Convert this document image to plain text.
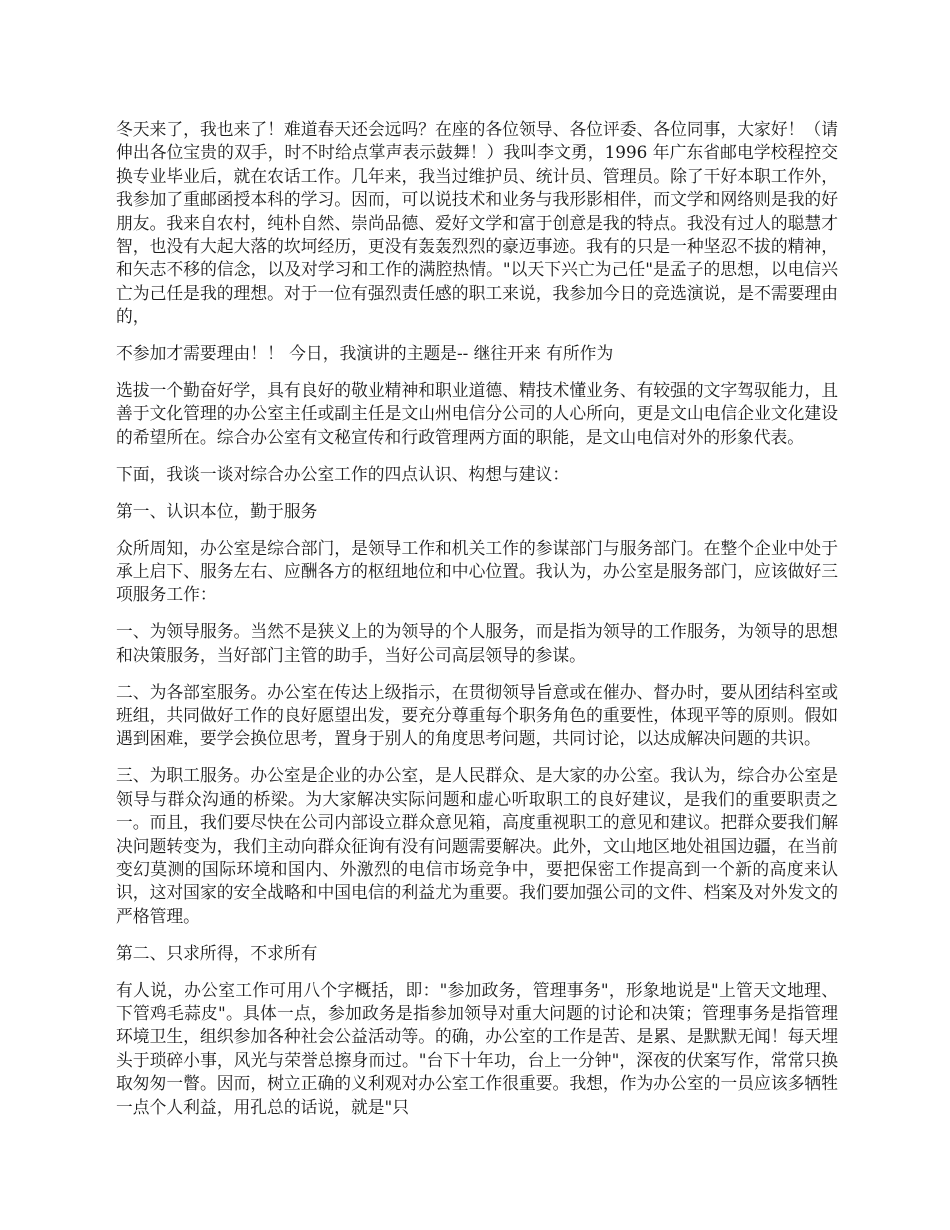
冬天来了，我也来了！难道春天还会远吗？在座的各位领导、各位评委、各位同事，大家好！（请伸出各位宝贵的双手，时不时给点掌声表示鼓舞！）我叫李文勇，1996 年广东省邮电学校程控交换专业毕业后，就在农话工作。几年来，我当过维护员、统计员、管理员。除了干好本职工作外，我参加了重邮函授本科的学习。因而，可以说技术和业务与我形影相伴，而文学和网络则是我的好朋友。我来自农村，纯朴自然、崇尚品德、爱好文学和富于创意是我的特点。我没有过人的聪慧才智，也没有大起大落的坎坷经历，更没有轰轰烈烈的豪迈事迹。我有的只是一种坚忍不拔的精神，和矢志不移的信念，以及对学习和工作的满腔热情。"以天下兴亡为己任"是孟子的思想，以电信兴亡为己任是我的理想。对于一位有强烈责任感的职工来说，我参加今日的竞选演说，是不需要理由的，

不参加才需要理由！！ 今日，我演讲的主题是-- 继往开来 有所作为

选拔一个勤奋好学，具有良好的敬业精神和职业道德、精技术懂业务、有较强的文字驾驭能力，且善于文化管理的办公室主任或副主任是文山州电信分公司的人心所向，更是文山电信企业文化建设的希望所在。综合办公室有文秘宣传和行政管理两方面的职能，是文山电信对外的形象代表。

下面，我谈一谈对综合办公室工作的四点认识、构想与建议：

第一、认识本位，勤于服务

众所周知，办公室是综合部门，是领导工作和机关工作的参谋部门与服务部门。在整个企业中处于承上启下、服务左右、应酬各方的枢纽地位和中心位置。我认为，办公室是服务部门，应该做好三项服务工作：

一、为领导服务。当然不是狭义上的为领导的个人服务，而是指为领导的工作服务，为领导的思想和决策服务，当好部门主管的助手，当好公司高层领导的参谋。

二、为各部室服务。办公室在传达上级指示，在贯彻领导旨意或在催办、督办时，要从团结科室或班组，共同做好工作的良好愿望出发，要充分尊重每个职务角色的重要性，体现平等的原则。假如遇到困难，要学会换位思考，置身于别人的角度思考问题，共同讨论，以达成解决问题的共识。

三、为职工服务。办公室是企业的办公室，是人民群众、是大家的办公室。我认为，综合办公室是领导与群众沟通的桥梁。为大家解决实际问题和虚心听取职工的良好建议，是我们的重要职责之一。而且，我们要尽快在公司内部设立群众意见箱，高度重视职工的意见和建议。把群众要我们解决问题转变为，我们主动向群众征询有没有问题需要解决。此外，文山地区地处祖国边疆，在当前变幻莫测的国际环境和国内、外激烈的电信市场竞争中，要把保密工作提高到一个新的高度来认识，这对国家的安全战略和中国电信的利益尤为重要。我们要加强公司的文件、档案及对外发文的严格管理。

第二、只求所得，不求所有

有人说，办公室工作可用八个字概括，即："参加政务，管理事务"，形象地说是"上管天文地理、下管鸡毛蒜皮"。具体一点，参加政务是指参加领导对重大问题的讨论和决策；管理事务是指管理环境卫生，组织参加各种社会公益活动等。的确，办公室的工作是苦、是累、是默默无闻！每天埋头于琐碎小事，风光与荣誉总擦身而过。"台下十年功，台上一分钟"，深夜的伏案写作，常常只换取匆匆一瞥。因而，树立正确的义利观对办公室工作很重要。我想，作为办公室的一员应该多牺牲一点个人利益，用孔总的话说，就是"只
